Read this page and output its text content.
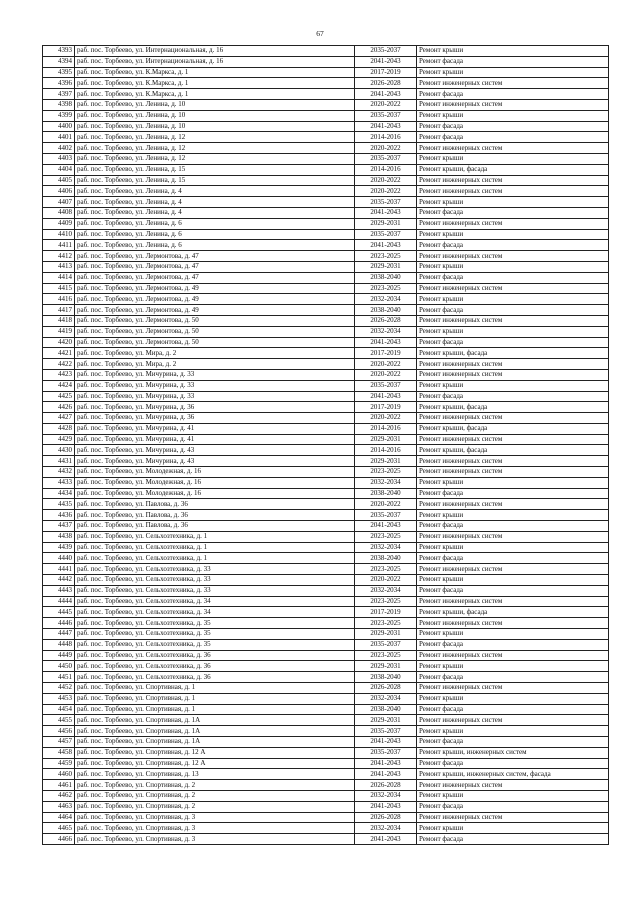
67
4393	раб. пос. Торбеево, ул. Интернациональная, д. 16	2035-2037	Ремонт крыши
4394	раб. пос. Торбеево, ул. Интернациональная, д. 16	2041-2043	Ремонт фасада
4395	раб. пос. Торбеево, ул. К.Маркса, д. 1	2017-2019	Ремонт крыши
4396	раб. пос. Торбеево, ул. К.Маркса, д. 1	2026-2028	Ремонт инженерных систем
4397	раб. пос. Торбеево, ул. К.Маркса, д. 1	2041-2043	Ремонт фасада
4398	раб. пос. Торбеево, ул. Ленина, д. 10	2020-2022	Ремонт инженерных систем
4399	раб. пос. Торбеево, ул. Ленина, д. 10	2035-2037	Ремонт крыши
4400	раб. пос. Торбеево, ул. Ленина, д. 10	2041-2043	Ремонт фасада
4401	раб. пос. Торбеево, ул. Ленина, д. 12	2014-2016	Ремонт фасада
4402	раб. пос. Торбеево, ул. Ленина, д. 12	2020-2022	Ремонт инженерных систем
4403	раб. пос. Торбеево, ул. Ленина, д. 12	2035-2037	Ремонт крыши
4404	раб. пос. Торбеево, ул. Ленина, д. 15	2014-2016	Ремонт крыши, фасада
4405	раб. пос. Торбеево, ул. Ленина, д. 15	2020-2022	Ремонт инженерных систем
4406	раб. пос. Торбеево, ул. Ленина, д. 4	2020-2022	Ремонт инженерных систем
4407	раб. пос. Торбеево, ул. Ленина, д. 4	2035-2037	Ремонт крыши
4408	раб. пос. Торбеево, ул. Ленина, д. 4	2041-2043	Ремонт фасада
4409	раб. пос. Торбеево, ул. Ленина, д. 6	2029-2031	Ремонт инженерных систем
4410	раб. пос. Торбеево, ул. Ленина, д. 6	2035-2037	Ремонт крыши
4411	раб. пос. Торбеево, ул. Ленина, д. 6	2041-2043	Ремонт фасада
4412	раб. пос. Торбеево, ул. Лермонтова, д. 47	2023-2025	Ремонт инженерных систем
4413	раб. пос. Торбеево, ул. Лермонтова, д. 47	2029-2031	Ремонт крыши
4414	раб. пос. Торбеево, ул. Лермонтова, д. 47	2038-2040	Ремонт фасада
4415	раб. пос. Торбеево, ул. Лермонтова, д. 49	2023-2025	Ремонт инженерных систем
4416	раб. пос. Торбеево, ул. Лермонтова, д. 49	2032-2034	Ремонт крыши
4417	раб. пос. Торбеево, ул. Лермонтова, д. 49	2038-2040	Ремонт фасада
4418	раб. пос. Торбеево, ул. Лермонтова, д. 50	2026-2028	Ремонт инженерных систем
4419	раб. пос. Торбеево, ул. Лермонтова, д. 50	2032-2034	Ремонт крыши
4420	раб. пос. Торбеево, ул. Лермонтова, д. 50	2041-2043	Ремонт фасада
4421	раб. пос. Торбеево, ул. Мира, д. 2	2017-2019	Ремонт крыши, фасада
4422	раб. пос. Торбеево, ул. Мира, д. 2	2020-2022	Ремонт инженерных систем
4423	раб. пос. Торбеево, ул. Мичурина, д. 33	2020-2022	Ремонт инженерных систем
4424	раб. пос. Торбеево, ул. Мичурина, д. 33	2035-2037	Ремонт крыши
4425	раб. пос. Торбеево, ул. Мичурина, д. 33	2041-2043	Ремонт фасада
4426	раб. пос. Торбеево, ул. Мичурина, д. 36	2017-2019	Ремонт крыши, фасада
4427	раб. пос. Торбеево, ул. Мичурина, д. 36	2020-2022	Ремонт инженерных систем
4428	раб. пос. Торбеево, ул. Мичурина, д. 41	2014-2016	Ремонт крыши, фасада
4429	раб. пос. Торбеево, ул. Мичурина, д. 41	2029-2031	Ремонт инженерных систем
4430	раб. пос. Торбеево, ул. Мичурина, д. 43	2014-2016	Ремонт крыши, фасада
4431	раб. пос. Торбеево, ул. Мичурина, д. 43	2029-2031	Ремонт инженерных систем
4432	раб. пос. Торбеево, ул. Молодежная, д. 16	2023-2025	Ремонт инженерных систем
4433	раб. пос. Торбеево, ул. Молодежная, д. 16	2032-2034	Ремонт крыши
4434	раб. пос. Торбеево, ул. Молодежная, д. 16	2038-2040	Ремонт фасада
4435	раб. пос. Торбеево, ул. Павлова, д. 36	2020-2022	Ремонт инженерных систем
4436	раб. пос. Торбеево, ул. Павлова, д. 36	2035-2037	Ремонт крыши
4437	раб. пос. Торбеево, ул. Павлова, д. 36	2041-2043	Ремонт фасада
4438	раб. пос. Торбеево, ул. Сельхозтехника, д. 1	2023-2025	Ремонт инженерных систем
4439	раб. пос. Торбеево, ул. Сельхозтехника, д. 1	2032-2034	Ремонт крыши
4440	раб. пос. Торбеево, ул. Сельхозтехника, д. 1	2038-2040	Ремонт фасада
4441	раб. пос. Торбеево, ул. Сельхозтехника, д. 33	2023-2025	Ремонт инженерных систем
4442	раб. пос. Торбеево, ул. Сельхозтехника, д. 33	2020-2022	Ремонт крыши
4443	раб. пос. Торбеево, ул. Сельхозтехника, д. 33	2032-2034	Ремонт фасада
4444	раб. пос. Торбеево, ул. Сельхозтехника, д. 34	2023-2025	Ремонт инженерных систем
4445	раб. пос. Торбеево, ул. Сельхозтехника, д. 34	2017-2019	Ремонт крыши, фасада
4446	раб. пос. Торбеево, ул. Сельхозтехника, д. 35	2023-2025	Ремонт инженерных систем
4447	раб. пос. Торбеево, ул. Сельхозтехника, д. 35	2029-2031	Ремонт крыши
4448	раб. пос. Торбеево, ул. Сельхозтехника, д. 35	2035-2037	Ремонт фасада
4449	раб. пос. Торбеево, ул. Сельхозтехника, д. 36	2023-2025	Ремонт инженерных систем
4450	раб. пос. Торбеево, ул. Сельхозтехника, д. 36	2029-2031	Ремонт крыши
4451	раб. пос. Торбеево, ул. Сельхозтехника, д. 36	2038-2040	Ремонт фасада
4452	раб. пос. Торбеево, ул. Спортивная, д. 1	2026-2028	Ремонт инженерных систем
4453	раб. пос. Торбеево, ул. Спортивная, д. 1	2032-2034	Ремонт крыши
4454	раб. пос. Торбеево, ул. Спортивная, д. 1	2038-2040	Ремонт фасада
4455	раб. пос. Торбеево, ул. Спортивная, д. 1А	2029-2031	Ремонт инженерных систем
4456	раб. пос. Торбеево, ул. Спортивная, д. 1А	2035-2037	Ремонт крыши
4457	раб. пос. Торбеево, ул. Спортивная, д. 1А	2041-2043	Ремонт фасада
4458	раб. пос. Торбеево, ул. Спортивная, д. 12 А	2035-2037	Ремонт крыши, инженерных систем
4459	раб. пос. Торбеево, ул. Спортивная, д. 12 А	2041-2043	Ремонт фасада
4460	раб. пос. Торбеево, ул. Спортивная, д. 13	2041-2043	Ремонт крыши, инженерных систем, фасада
4461	раб. пос. Торбеево, ул. Спортивная, д. 2	2026-2028	Ремонт инженерных систем
4462	раб. пос. Торбеево, ул. Спортивная, д. 2	2032-2034	Ремонт крыши
4463	раб. пос. Торбеево, ул. Спортивная, д. 2	2041-2043	Ремонт фасада
4464	раб. пос. Торбеево, ул. Спортивная, д. 3	2026-2028	Ремонт инженерных систем
4465	раб. пос. Торбеево, ул. Спортивная, д. 3	2032-2034	Ремонт крыши
4466	раб. пос. Торбеево, ул. Спортивная, д. 3	2041-2043	Ремонт фасада
